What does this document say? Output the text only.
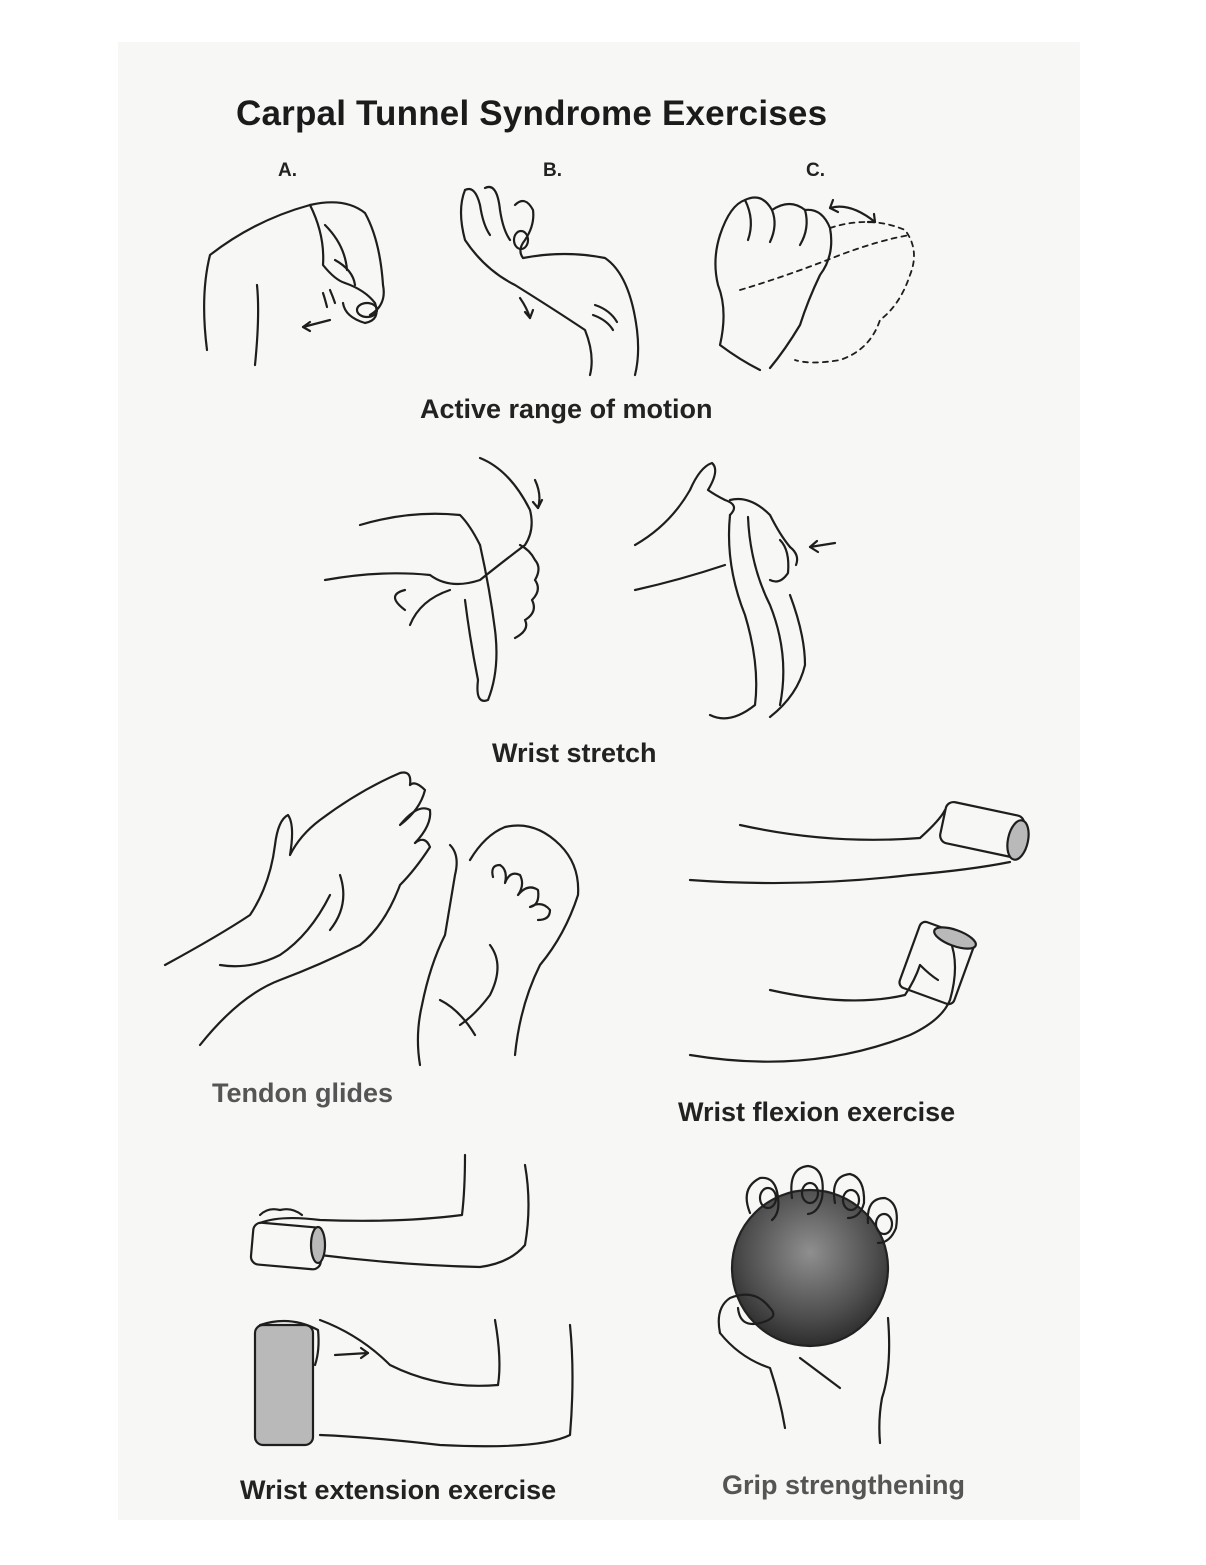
Carpal Tunnel Syndrome Exercises
A.	B.	C.
Active range of motion
Wrist stretch
Tendon glides
Wrist flexion exercise
Wrist extension exercise	Grip strengthening
